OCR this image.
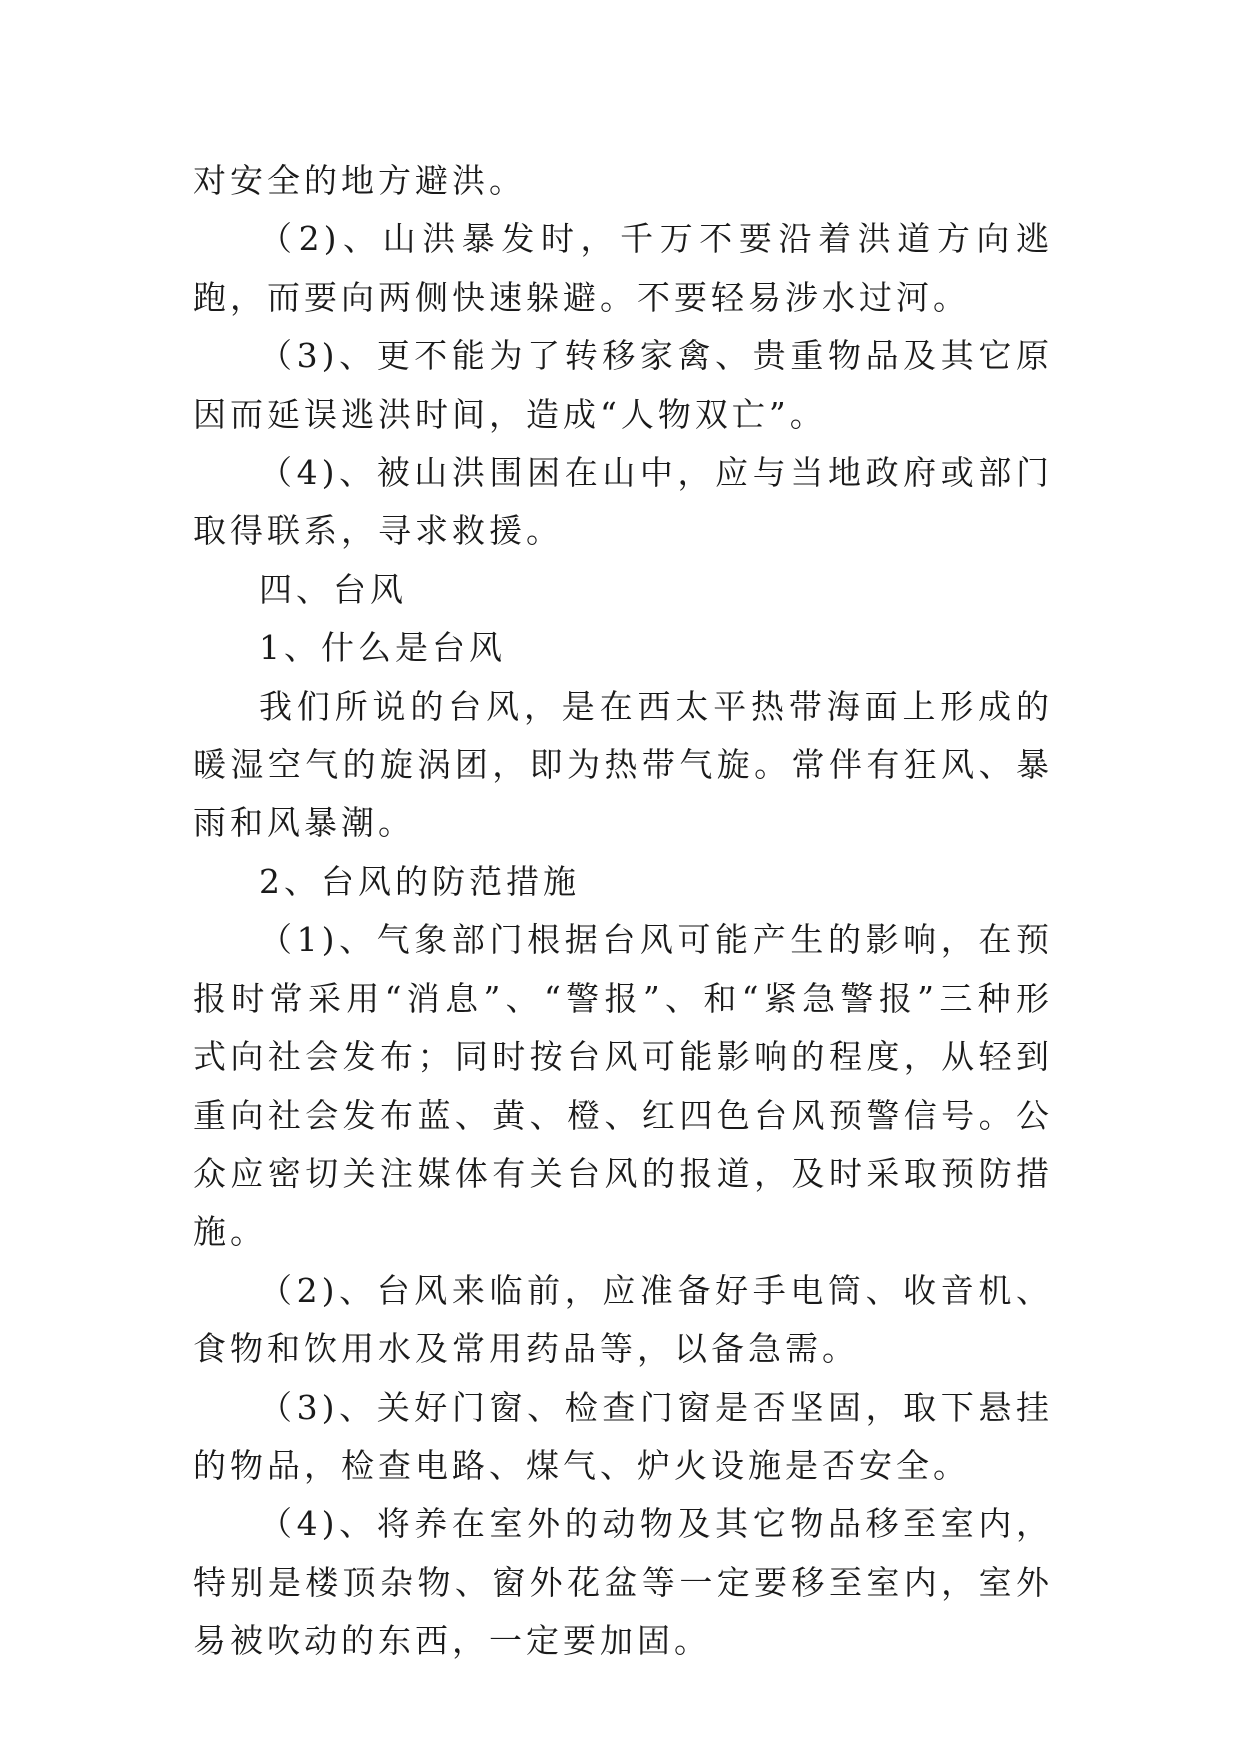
对安全的地方避洪。

（2)、山洪暴发时，千万不要沿着洪道方向逃跑，而要向两侧快速躲避。不要轻易涉水过河。

（3)、更不能为了转移家禽、贵重物品及其它原因而延误逃洪时间，造成“人物双亡”。

（4)、被山洪围困在山中，应与当地政府或部门取得联系，寻求救援。

四、台风

1、什么是台风

我们所说的台风，是在西太平热带海面上形成的暖湿空气的旋涡团，即为热带气旋。常伴有狂风、暴雨和风暴潮。

2、台风的防范措施

（1)、气象部门根据台风可能产生的影响，在预报时常采用“消息”、“警报”、和“紧急警报”三种形式向社会发布；同时按台风可能影响的程度，从轻到重向社会发布蓝、黄、橙、红四色台风预警信号。公众应密切关注媒体有关台风的报道，及时采取预防措施。

（2)、台风来临前，应准备好手电筒、收音机、食物和饮用水及常用药品等，以备急需。

（3)、关好门窗、检查门窗是否坚固，取下悬挂的物品，检查电路、煤气、炉火设施是否安全。

（4)、将养在室外的动物及其它物品移至室内，特别是楼顶杂物、窗外花盆等一定要移至室内，室外易被吹动的东西，一定要加固。
